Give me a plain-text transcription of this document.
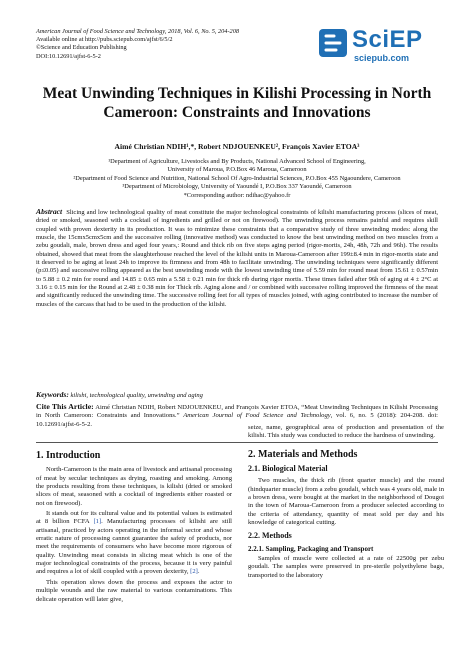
American Journal of Food Science and Technology, 2018, Vol. 6, No. 5, 204-208
Available online at http://pubs.sciepub.com/ajfst/6/5/2
©Science and Education Publishing
DOI:10.12691/ajfst-6-5-2
SciEP
sciepub.com
Meat Unwinding Techniques in Kilishi Processing in North Cameroon: Constraints and Innovations
Aimé Christian NDIH¹,*, Robert NDJOUENKEU², François Xavier ETOA³
¹Department of Agriculture, Livestocks and By Products, National Advanced School of Engineering,
University of Maroua, P.O.Box 46 Maroua, Cameroon
²Department of Food Science and Nutrition, National School Of Agro-Industrial Sciences, P.O.Box 455 Ngaoundere, Cameroon
³Department of Microbiology, University of Yaoundé I, P.O.Box 337 Yaoundé, Cameroon
*Corresponding author: ndihac@yahoo.fr
Abstract Slicing and low technological quality of meat constitute the major technological constraints of kilishi manufacturing process (slices of meat, dried or smoked, seasoned with a cocktail of ingredients and grilled or not on firewood). The unwinding process remains painful and requires skill coupled with proven dexterity in its production. It was to minimize these constraints that a comparative study of three unwinding modes: along the muscle, the 15cmx5cmx5cm and the successive rolling (innovative method) was conducted to know the best unwinding method on two muscles from a zebu goudali, male, brown dress and aged four years,: Round and thick rib on five steps aging period (rigor-mortis, 24h, 48h, 72h and 96h). The results obtained, showed that meat from the slaughterhouse reached the level of the kilishi units in Maroua-Cameroon after 199±8.4 min in rigor-mortis state and it deserved to be aging at least 24h to improve its firmness and from 48h to facilitate unwinding. The unwinding techniques were significantly different (p≤0.05) and successive rolling appeared as the best unwinding mode with the lowest unwinding time of 5.59 min for round meat from 15.61 ± 0.57min to 5.88 ± 0.2 min for round and 14.85 ± 0.65 min a 5.58 ± 0.21 min for thick rib during rigor mortis. These times failed after 96h of aging at 4 ± 2°C at 3.16 ± 0.15 min for the Round at 2.48 ± 0.38 min for Thick rib. Aging alone and / or combined with successive rolling improved the firmness of the meat and significantly reduced the unwinding time. The successive rolling feet for all types of muscles joined, with aging contributed to increase the number of muscles of the carcass that had to be used in the production of the kilishi.
Keywords: kilishi, technological quality, unwinding and aging
Cite This Article: Aimé Christian NDIH, Robert NDJOUENKEU, and François Xavier ETOA, “Meat Unwinding Techniques in Kilishi Processing in North Cameroon: Constraints and Innovations.” American Journal of Food Science and Technology, vol. 6, no. 5 (2018): 204-208. doi: 10.12691/ajfst-6-5-2.
1. Introduction
North-Cameroon is the main area of livestock and artisanal processing of meat by secular techniques as drying, roasting and smoking. Among the products resulting from these techniques, is kilishi (dried or smoked slices of meat, seasoned with a cocktail of ingredients either roasted or not on firewood).
It stands out for its cultural value and its potential values is estimated at 8 billion FCFA [1]. Manufacturing processes of kilishi are still artisanal, practiced by actors operating in the informal sector and whose erratic nature of processing cannot guarantee the safety of products, nor meet the requirements of consumers who have become more rigorous of quality. Unwinding meat consists in slicing meat which is one of the major technological constraints of the process, because it is very painful and requires a lot of skill coupled with a proven dexterity, [2].
This operation slows down the process and exposes the actor to multiple wounds and the raw material to various contaminations. This delicate operation will later give,
seize, name, geographical area of production and presentation of the kilishi. This study was conducted to reduce the hardness of unwinding.
2. Materials and Methods
2.1. Biological Material
Two muscles, the thick rib (front quarter muscle) and the round (hindquarter muscle) from a zebu goudali, which was 4 years old, male in a brown dress, were bought at the market in the neighborhood of Dougoi in the town of Maroua-Cameroon from a producer selected according to the criteria of attendancy, quantity of meat sold per day and his knowledge of categorical cutting.
2.2. Methods
2.2.1. Sampling, Packaging and Transport
Samples of muscle were collected at a rate of 22500g per zebu goudali. The samples were preserved in pre-sterile polyethylene bags, transported to the laboratory
